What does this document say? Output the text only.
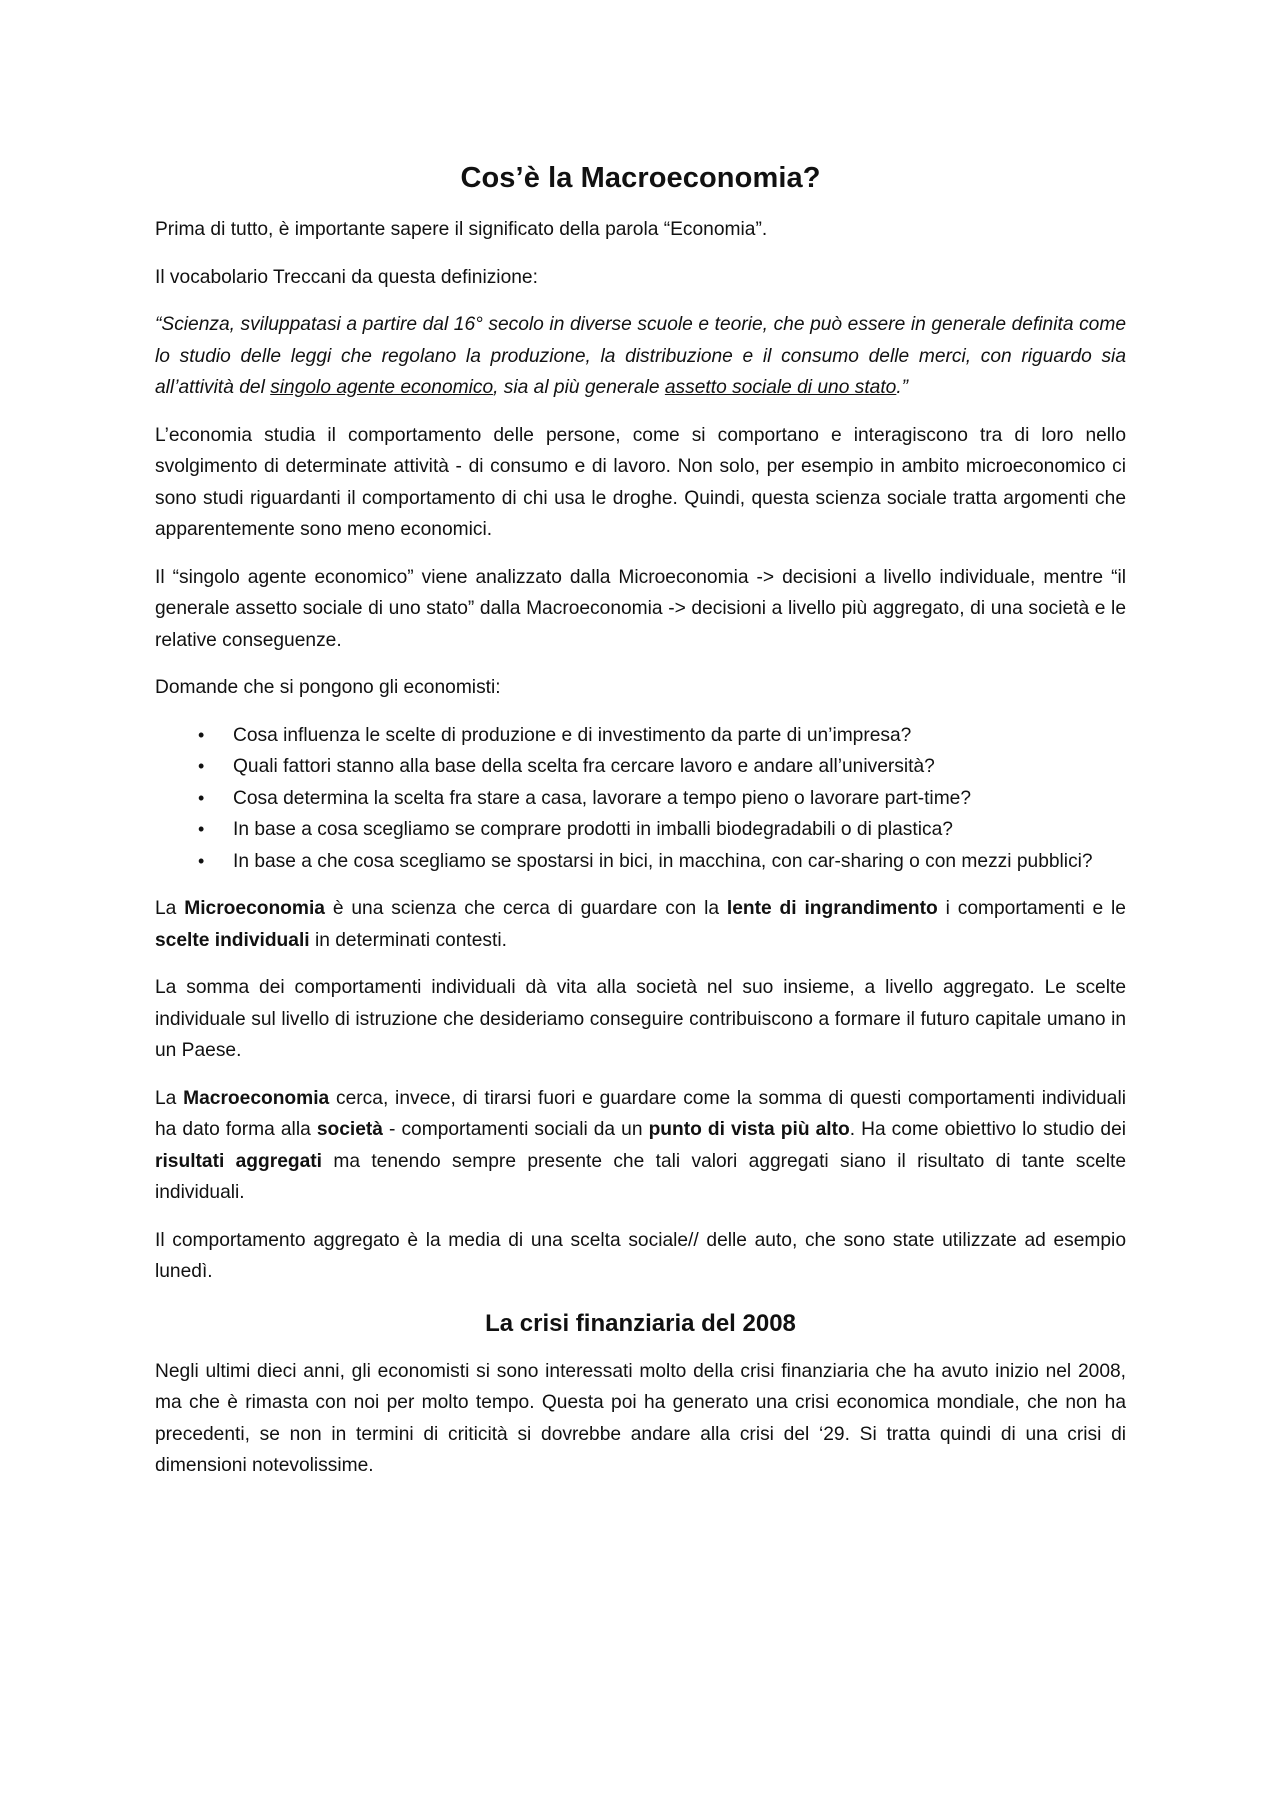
Cos’è la Macroeconomia?

Prima di tutto, è importante sapere il significato della parola “Economia”.

Il vocabolario Treccani da questa definizione:

“Scienza, sviluppatasi a partire dal 16° secolo in diverse scuole e teorie, che può essere in generale definita come lo studio delle leggi che regolano la produzione, la distribuzione e il consumo delle merci, con riguardo sia all’attività del singolo agente economico, sia al più generale assetto sociale di uno stato.”

L’economia studia il comportamento delle persone, come si comportano e interagiscono tra di loro nello svolgimento di determinate attività - di consumo e di lavoro. Non solo, per esempio in ambito microeconomico ci sono studi riguardanti il comportamento di chi usa le droghe. Quindi, questa scienza sociale tratta argomenti che apparentemente sono meno economici.

Il “singolo agente economico” viene analizzato dalla Microeconomia -> decisioni a livello individuale, mentre “il generale assetto sociale di uno stato” dalla Macroeconomia -> decisioni a livello più aggregato, di una società e le relative conseguenze.

Domande che si pongono gli economisti:

• Cosa influenza le scelte di produzione e di investimento da parte di un’impresa?
• Quali fattori stanno alla base della scelta fra cercare lavoro e andare all’università?
• Cosa determina la scelta fra stare a casa, lavorare a tempo pieno o lavorare part-time?
• In base a cosa scegliamo se comprare prodotti in imballi biodegradabili o di plastica?
• In base a che cosa scegliamo se spostarsi in bici, in macchina, con car-sharing o con mezzi pubblici?

La Microeconomia è una scienza che cerca di guardare con la lente di ingrandimento i comportamenti e le scelte individuali in determinati contesti.

La somma dei comportamenti individuali dà vita alla società nel suo insieme, a livello aggregato. Le scelte individuale sul livello di istruzione che desideriamo conseguire contribuiscono a formare il futuro capitale umano in un Paese.

La Macroeconomia cerca, invece, di tirarsi fuori e guardare come la somma di questi comportamenti individuali ha dato forma alla società - comportamenti sociali da un punto di vista più alto. Ha come obiettivo lo studio dei risultati aggregati ma tenendo sempre presente che tali valori aggregati siano il risultato di tante scelte individuali.

Il comportamento aggregato è la media di una scelta sociale// delle auto, che sono state utilizzate ad esempio lunedì.

La crisi finanziaria del 2008

Negli ultimi dieci anni, gli economisti si sono interessati molto della crisi finanziaria che ha avuto inizio nel 2008, ma che è rimasta con noi per molto tempo. Questa poi ha generato una crisi economica mondiale, che non ha precedenti, se non in termini di criticità si dovrebbe andare alla crisi del ‘29. Si tratta quindi di una crisi di dimensioni notevolissime.
